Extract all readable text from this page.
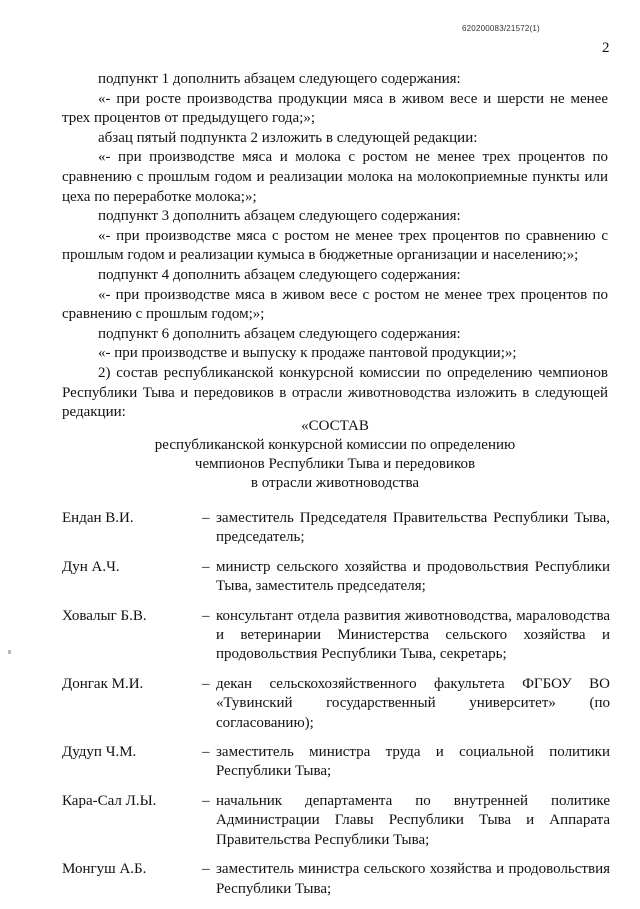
620200083/21572(1)
2

подпункт 1 дополнить абзацем следующего содержания:

«- при росте производства продукции мяса в живом весе и шерсти не менее трех процентов от предыдущего года;»;

абзац пятый подпункта 2 изложить в следующей редакции:

«- при производстве мяса и молока с ростом не менее трех процентов по сравнению с прошлым годом и реализации молока на молокоприемные пункты или цеха по переработке молока;»;

подпункт 3 дополнить абзацем следующего содержания:

«- при производстве мяса с ростом не менее трех процентов по сравнению с прошлым годом и реализации кумыса в бюджетные организации и населению;»;

подпункт 4 дополнить абзацем следующего содержания:

«- при производстве мяса в живом весе с ростом не менее трех процентов по сравнению с прошлым годом;»;

подпункт 6 дополнить абзацем следующего содержания:

«- при производстве и выпуску к продаже пантовой продукции;»;

2) состав республиканской конкурсной комиссии по определению чемпионов Республики Тыва и передовиков в отрасли животноводства изложить в следующей редакции:

«СОСТАВ
республиканской конкурсной комиссии по определению
чемпионов Республики Тыва и передовиков
в отрасли животноводства
Ендан В.И.	– заместитель Председателя Правительства Республики Тыва, председатель;
Дун А.Ч.	– министр сельского хозяйства и продовольствия Республики Тыва, заместитель председателя;
Ховалыг Б.В.	– консультант отдела развития животноводства, мараловодства и ветеринарии Министерства сельского хозяйства и продовольствия Республики Тыва, секретарь;
Донгак М.И.	– декан сельскохозяйственного факультета ФГБОУ ВО «Тувинский государственный университет» (по согласованию);
Дудуп Ч.М.	– заместитель министра труда и социальной политики Республики Тыва;
Кара-Сал Л.Ы.	– начальник департамента по внутренней политике Администрации Главы Республики Тыва и Аппарата Правительства Республики Тыва;
Монгуш А.Б.	– заместитель министра сельского хозяйства и продовольствия Республики Тыва;
